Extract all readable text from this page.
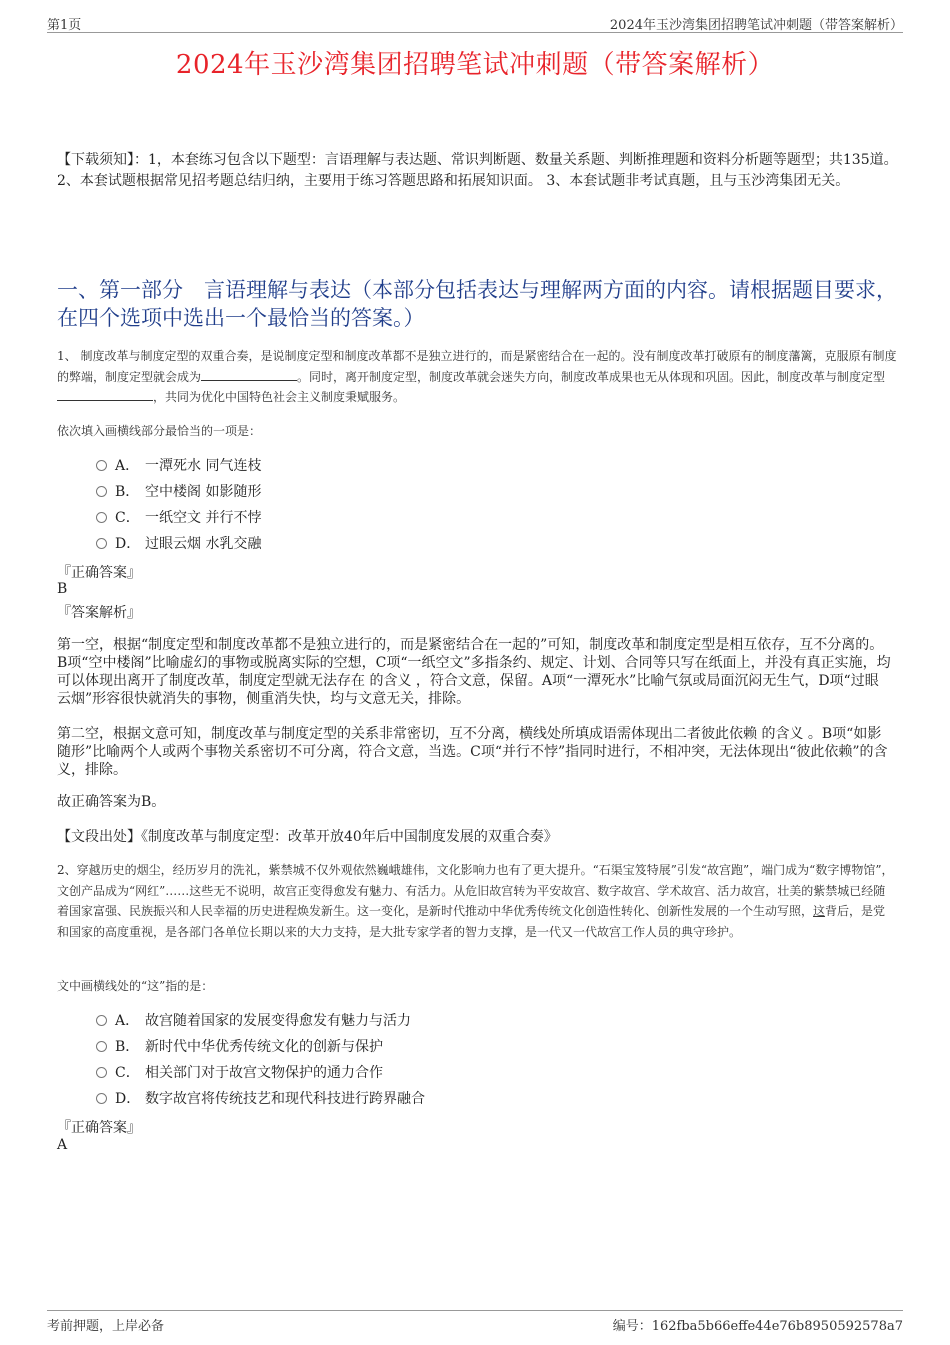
第1页	2024年玉沙湾集团招聘笔试冲刺题（带答案解析）
2024年玉沙湾集团招聘笔试冲刺题（带答案解析）
【下载须知】：1，本套练习包含以下题型：言语理解与表达题、常识判断题、数量关系题、判断推理题和资料分析题等题型；共135道。 2、本套试题根据常见招考题总结归纳，主要用于练习答题思路和拓展知识面。 3、本套试题非考试真题，且与玉沙湾集团无关。
一、第一部分　言语理解与表达（本部分包括表达与理解两方面的内容。请根据题目要求，在四个选项中选出一个最恰当的答案。）
1、 制度改革与制度定型的双重合奏，是说制度定型和制度改革都不是独立进行的，而是紧密结合在一起的。没有制度改革打破原有的制度藩篱，克服原有制度的弊端，制度定型就会成为	。同时，离开制度定型，制度改革就会迷失方向，制度改革成果也无从体现和巩固。因此，制度改革与制度定型，共同为优化中国特色社会主义制度秉赋服务。
依次填入画横线部分最恰当的一项是：
A． 一潭死水 同气连枝
B． 空中楼阁 如影随形
C． 一纸空文 并行不悖
D． 过眼云烟 水乳交融
『正确答案』
B
『答案解析』
第一空，根据“制度定型和制度改革都不是独立进行的，而是紧密结合在一起的”可知，制度改革和制度定型是相互依存，互不分离的。B项“空中楼阁”比喻虚幻的事物或脱离实际的空想，C项“一纸空文”多指条约、规定、计划、合同等只写在纸面上，并没有真正实施，均可以体现出离开了制度改革，制度定型就无法存在 的含义 ，符合文意，保留。A项“一潭死水”比喻气氛或局面沉闷无生气，D项“过眼云烟”形容很快就消失的事物，侧重消失快，均与文意无关，排除。
第二空，根据文意可知，制度改革与制度定型的关系非常密切，互不分离，横线处所填成语需体现出二者彼此依赖 的含义 。B项“如影随形”比喻两个人或两个事物关系密切不可分离，符合文意，当选。C项“并行不悖”指同时进行，不相冲突，无法体现出“彼此依赖”的含义，排除。
故正确答案为B。
【文段出处】《制度改革与制度定型：改革开放40年后中国制度发展的双重合奏》
2、穿越历史的烟尘，经历岁月的洗礼，紫禁城不仅外观依然巍峨雄伟，文化影响力也有了更大提升。“石渠宝笈特展”引发“故宫跑”，端门成为“数字博物馆”，文创产品成为“网红”……这些无不说明，故宫正变得愈发有魅力、有活力。从危旧故宫转为平安故宫、数字故宫、学术故宫、活力故宫，壮美的紫禁城已经随着国家富强、民族振兴和人民幸福的历史进程焕发新生。这一变化，是新时代推动中华优秀传统文化创造性转化、创新性发展的一个生动写照，这背后，是党和国家的高度重视，是各部门各单位长期以来的大力支持，是大批专家学者的智力支撑，是一代又一代故宫工作人员的典守珍护。
文中画横线处的“这”指的是：
A． 故宫随着国家的发展变得愈发有魅力与活力
B． 新时代中华优秀传统文化的创新与保护
C． 相关部门对于故宫文物保护的通力合作
D． 数字故宫将传统技艺和现代科技进行跨界融合
『正确答案』
A
考前押题，上岸必备	编号：162fba5b66effe44e76b8950592578a7
